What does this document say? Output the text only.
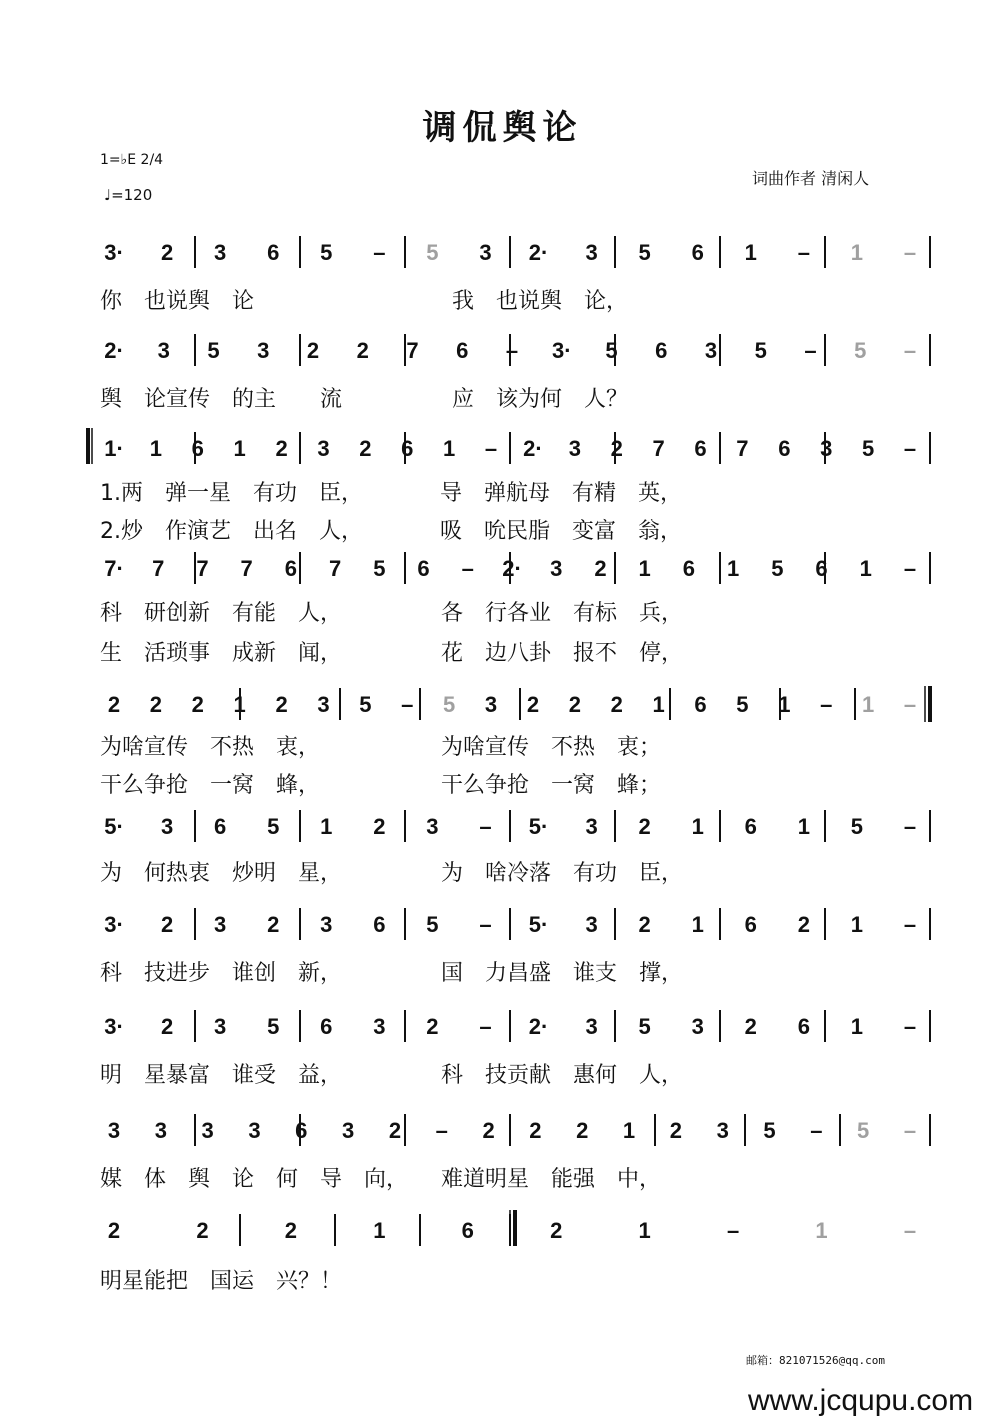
调侃舆论
1=♭E 2/4
♩=120
词曲作者 清闲人
3· 2 3 6 5 – 5 3 2· 3 5 6 1 – 1 –
你　也说舆　论　　　　　　　　　我　也说舆　论，
2· 3 5 3 2 2 7 6 – 3· 5 6 3 5 – 5 –
舆　论宣传　的主　　流　　　　　应　该为何　人？
1· 1 6 1 2 3 2 6 1 – 2· 3 2 7 6 7 6 3 5 –
1.两　弹一星　有功　臣，　　　　导　弹航母　有精　英，
2.炒　作演艺　出名　人，　　　　吸　吮民脂　变富　翁，
7· 7 7 7 6 7 5 6 – 2· 3 2 1 6 1 5 6 1 –
科　研创新　有能　人，　　　　　各　行各业　有标　兵，
生　活琐事　成新　闻，　　　　　花　边八卦　报不　停，
2 2 2 1 2 3 5 – 5 3 2 2 2 1 6 5 1 – 1 –
为啥宣传　不热　衷，　　　　　　为啥宣传　不热　衷；
干么争抢　一窝　蜂，　　　　　　干么争抢　一窝　蜂；
5· 3 6 5 1 2 3 – 5· 3 2 1 6 1 5 –
为　何热衷　炒明　星，　　　　　为　啥冷落　有功　臣，
3· 2 3 2 3 6 5 – 5· 3 2 1 6 2 1 –
科　技进步　谁创　新，　　　　　国　力昌盛　谁支　撑，
3· 2 3 5 6 3 2 – 2· 3 5 3 2 6 1 –
明　星暴富　谁受　益，　　　　　科　技贡献　惠何　人，
3 3 3 3 6 3 2 – 2 2 2 1 2 3 5 – 5 –
媒　体　舆　论　何　导　向，　　难道明星　能强　中，
2	2	2	1	6	2	1	–	1	–
明星能把　国运　兴？！
邮箱：821071526@qq.com
www.jcqupu.com
